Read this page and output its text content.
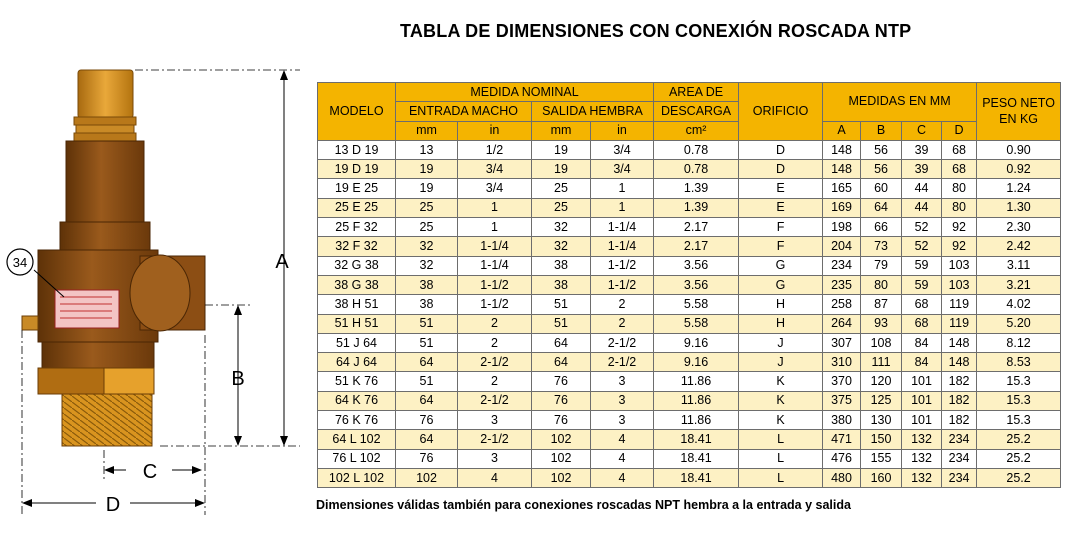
TABLA DE DIMENSIONES CON CONEXIÓN ROSCADA NTP
34	A
B
C
D
MODELO	MEDIDA NOMINAL				AREA DE	ORIFICIO	MEDIDAS EN MM				PESO NETO
EN KG
	ENTRADA MACHO		SALIDA HEMBRA		DESCARGA						
	mm	in	mm	in	cm²		A	B	C	D	
13 D 19	13	1/2	19	3/4	0.78	D	148	56	39	68	0.90
19 D 19	19	3/4	19	3/4	0.78	D	148	56	39	68	0.92
19 E 25	19	3/4	25	1	1.39	E	165	60	44	80	1.24
25 E 25	25	1	25	1	1.39	E	169	64	44	80	1.30
25 F 32	25	1	32	1-1/4	2.17	F	198	66	52	92	2.30
32 F 32	32	1-1/4	32	1-1/4	2.17	F	204	73	52	92	2.42
32 G 38	32	1-1/4	38	1-1/2	3.56	G	234	79	59	103	3.11
38 G 38	38	1-1/2	38	1-1/2	3.56	G	235	80	59	103	3.21
38 H 51	38	1-1/2	51	2	5.58	H	258	87	68	119	4.02
51 H 51	51	2	51	2	5.58	H	264	93	68	119	5.20
51 J 64	51	2	64	2-1/2	9.16	J	307	108	84	148	8.12
64 J 64	64	2-1/2	64	2-1/2	9.16	J	310	111	84	148	8.53
51 K 76	51	2	76	3	11.86	K	370	120	101	182	15.3
64 K 76	64	2-1/2	76	3	11.86	K	375	125	101	182	15.3
76 K 76	76	3	76	3	11.86	K	380	130	101	182	15.3
64 L 102	64	2-1/2	102	4	18.41	L	471	150	132	234	25.2
76 L 102	76	3	102	4	18.41	L	476	155	132	234	25.2
102 L 102	102	4	102	4	18.41	L	480	160	132	234	25.2
Dimensiones válidas también para conexiones roscadas NPT hembra a la entrada y salida
